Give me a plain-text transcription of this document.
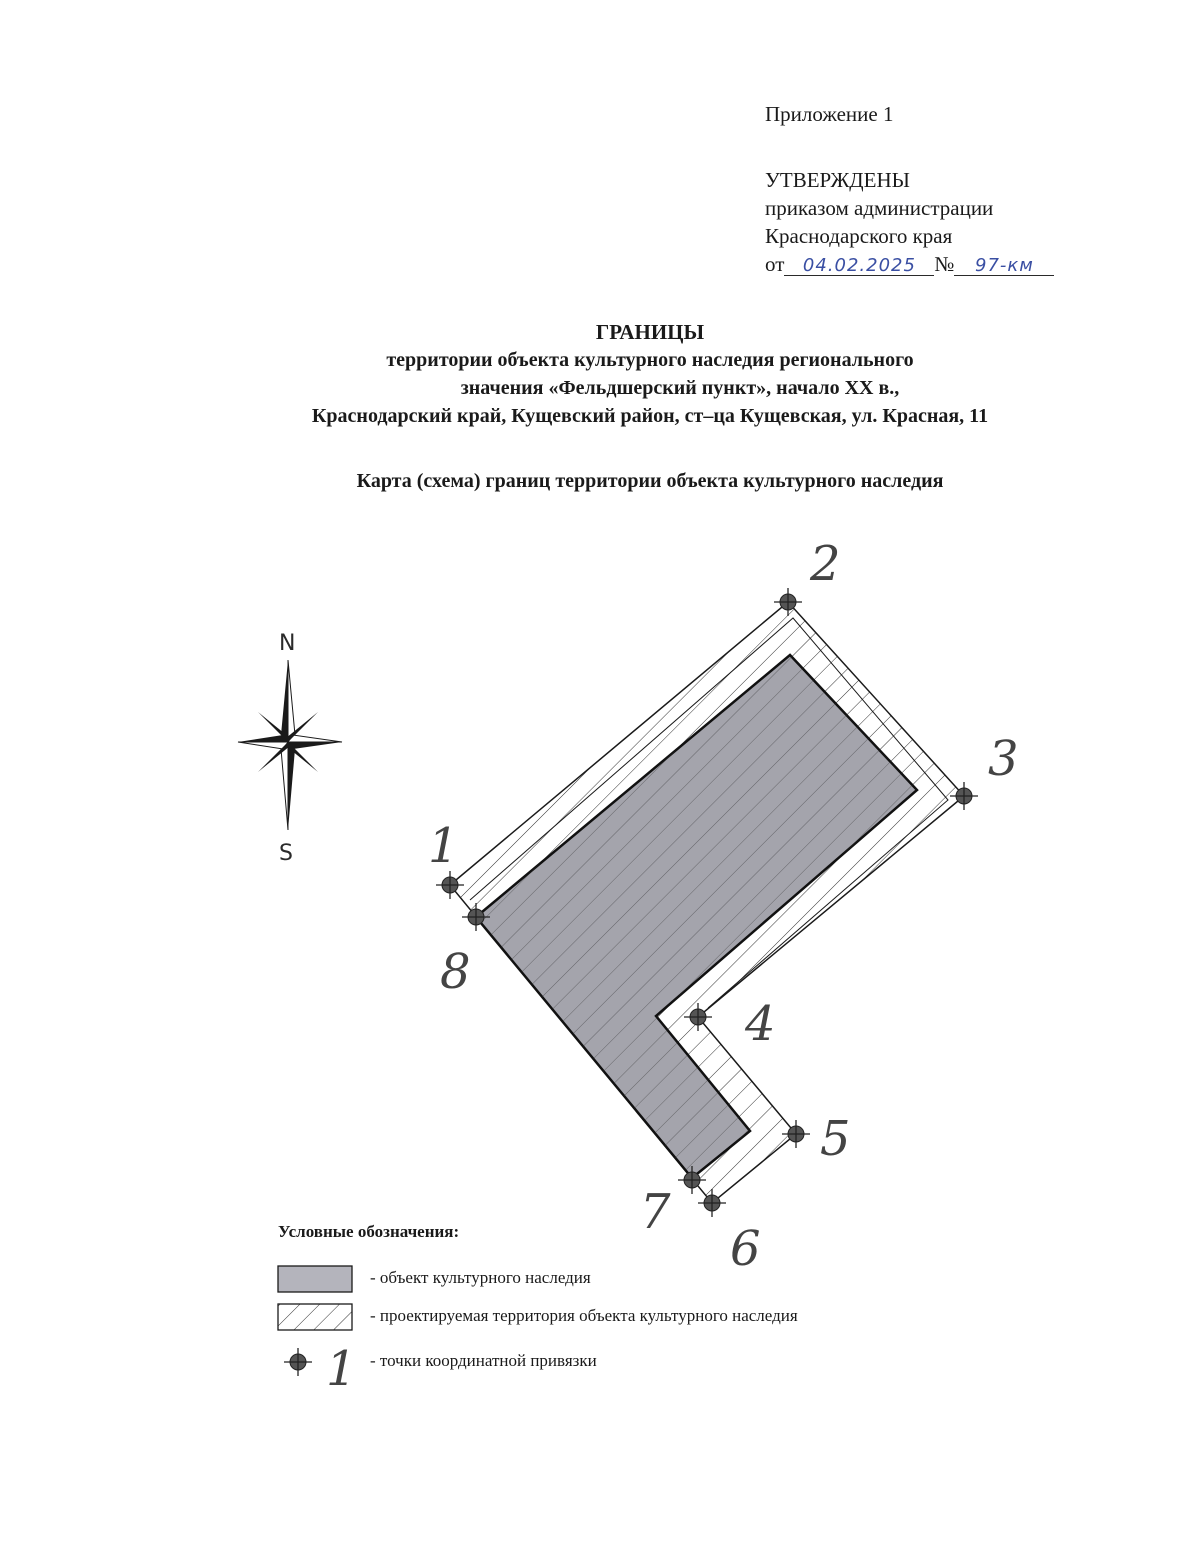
Приложение 1
УТВЕРЖДЕНЫ
приказом администрации
Краснодарского края
от 04.02.2025 № 97-км
ГРАНИЦЫ
территории объекта культурного наследия регионального
значения «Фельдшерский пункт», начало ХХ в.,
Краснодарский край, Кущевский район, ст–ца Кущевская, ул. Красная, 11
Карта (схема) границ территории объекта культурного наследия
1
2
3
4
5
6
7
8
N
S
1
Условные обозначения:
- объект культурного наследия
- проектируемая территория объекта культурного наследия
- точки координатной привязки
